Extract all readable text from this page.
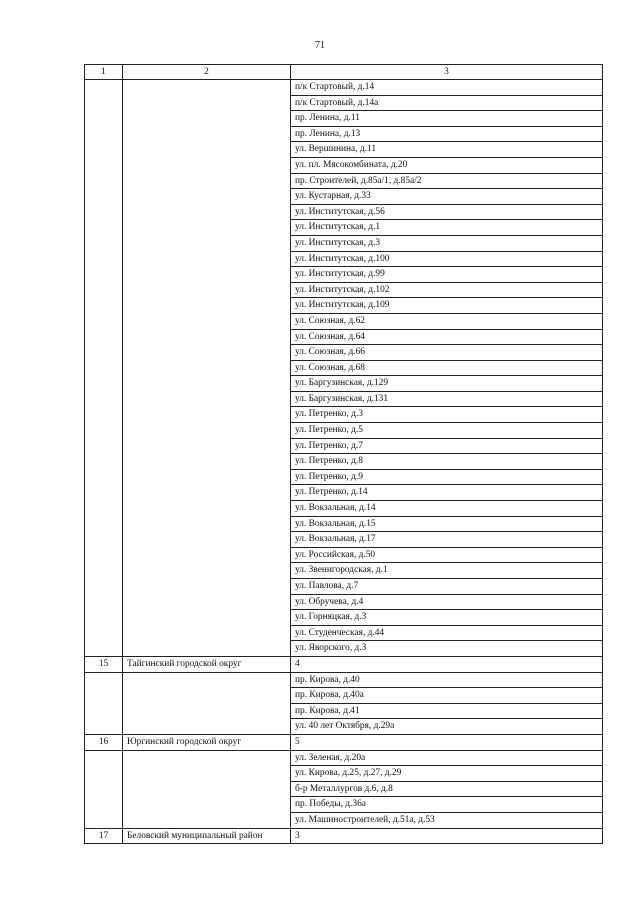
71
1	2	3
		п/к Стартовый, д.14
		п/к Стартовый, д.14а
		пр. Ленина, д.11
		пр. Ленина, д.13
		ул. Вершинина, д.11
		ул. пл. Мясокомбината, д.20
		пр. Строителей, д.85а/1, д.85а/2
		ул. Кустарная, д.33
		ул. Институтская, д.56
		ул. Институтская, д.1
		ул. Институтская, д.3
		ул. Институтская, д.100
		ул. Институтская, д.99
		ул. Институтская, д.102
		ул. Институтская, д.109
		ул. Союзная, д.62
		ул. Союзная, д.64
		ул. Союзная, д.66
		ул. Союзная, д.68
		ул. Баргузинская, д.129
		ул. Баргузинская, д.131
		ул. Петренко, д.3
		ул. Петренко, д.5
		ул. Петренко, д.7
		ул. Петренко, д.8
		ул. Петренко, д.9
		ул. Петренко, д.14
		ул. Вокзальная, д.14
		ул. Вокзальная, д.15
		ул. Вокзальная, д.17
		ул. Российская, д.50
		ул. Звенигородская, д.1
		ул. Павлова, д.7
		ул. Обручева, д.4
		ул. Горняцкая, д.3
		ул. Студенческая, д.44
		ул. Яворского, д.3
15	Тайгинский городской округ	4
		пр. Кирова, д.40
		пр. Кирова, д.40а
		пр. Кирова, д.41
		ул. 40 лет Октября, д.29а
16	Юргинский городской округ	5
		ул. Зеленая, д.20а
		ул. Кирова, д.25, д.27, д.29
		б-р Металлургов д.6, д.8
		пр. Победы, д.36а
		ул. Машиностроителей, д.51а, д.53
17	Беловский муниципальный район	3
